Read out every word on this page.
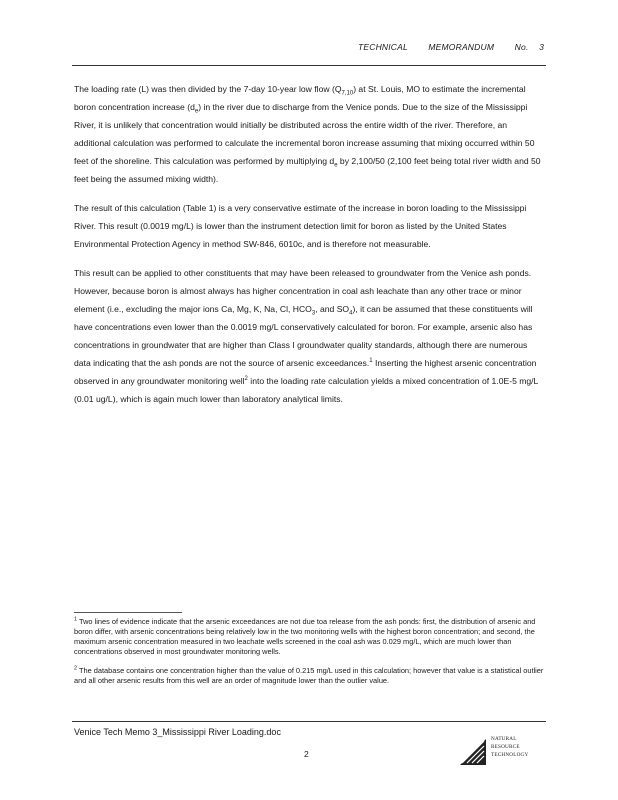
TECHNICAL MEMORANDUM No. 3

The loading rate (L) was then divided by the 7-day 10-year low flow $(Q_{7,10})$ at St. Louis, MO to estimate the incremental boron concentration increase $(d_e)$ in the river due to discharge from the Venice ponds. Due to the size of the Mississippi River, it is unlikely that concentration would initially be distributed across the entire width of the river. Therefore, an additional calculation was performed to calculate the incremental boron increase assuming that mixing occurred within 50 feet of the shoreline. This calculation was performed by multiplying $d_e$ by 2,100/50 (2,100 feet being total river width and 50 feet being the assumed mixing width).

The result of this calculation (Table 1) is a very conservative estimate of the increase in boron loading to the Mississippi River. This result (0.0019 mg/L) is lower than the instrument detection limit for boron as listed by the United States Environmental Protection Agency in method SW-846, 6010c, and is therefore not measurable.

This result can be applied to other constituents that may have been released to groundwater from the Venice ash ponds. However, because boron is almost always has higher concentration in coal ash leachate than any other trace or minor element (i.e., excluding the major ions Ca, Mg, K, Na, Cl, $HCO_3$, and $SO_4$), it can be assumed that these constituents will have concentrations even lower than the 0.0019 mg/L conservatively calculated for boron. For example, arsenic also has concentrations in groundwater that are higher than Class I groundwater quality standards, although there are numerous data indicating that the ash ponds are not the source of arsenic exceedances.$^1$ Inserting the highest arsenic concentration observed in any groundwater monitoring well$^2$ into the loading rate calculation yields a mixed concentration of 1.0E-5 mg/L (0.01 ug/L), which is again much lower than laboratory analytical limits.

$^1$ Two lines of evidence indicate that the arsenic exceedances are not due toa release from the ash ponds: first, the distribution of arsenic and boron differ, with arsenic concentrations being relatively low in the two monitoring wells with the highest boron concentration; and second, the maximum arsenic concentration measured in two leachate wells screened in the coal ash was 0.029 mg/L, which are much lower than concentrations observed in most groundwater monitoring wells.

$^2$ The database contains one concentration higher than the value of 0.215 mg/L used in this calculation; however that value is a statistical outlier and all other arsenic results from this well are an order of magnitude lower than the outlier value.

Venice Tech Memo 3_Mississippi River Loading.doc
2
NATURAL
RESOURCE
TECHNOLOGY
